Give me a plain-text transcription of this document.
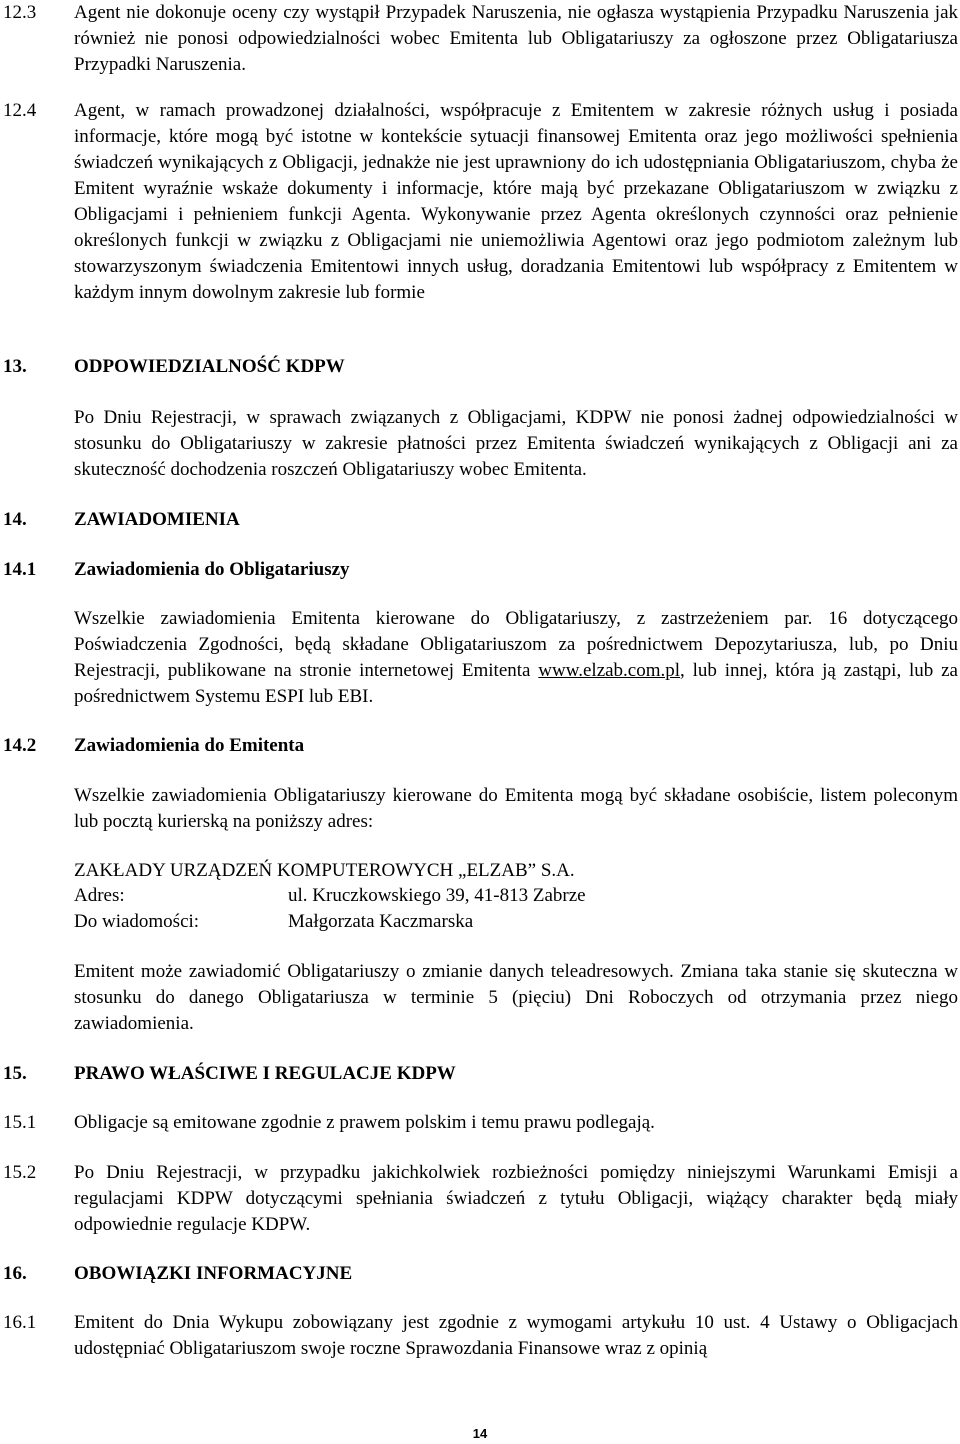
12.3 Agent nie dokonuje oceny czy wystąpił Przypadek Naruszenia, nie ogłasza wystąpienia Przypadku Naruszenia jak również nie ponosi odpowiedzialności wobec Emitenta lub Obligatariuszy za ogłoszone przez Obligatariusza Przypadki Naruszenia.
12.4 Agent, w ramach prowadzonej działalności, współpracuje z Emitentem w zakresie różnych usług i posiada informacje, które mogą być istotne w kontekście sytuacji finansowej Emitenta oraz jego możliwości spełnienia świadczeń wynikających z Obligacji, jednakże nie jest uprawniony do ich udostępniania Obligatariuszom, chyba że Emitent wyraźnie wskaże dokumenty i informacje, które mają być przekazane Obligatariuszom w związku z Obligacjami i pełnieniem funkcji Agenta. Wykonywanie przez Agenta określonych czynności oraz pełnienie określonych funkcji w związku z Obligacjami nie uniemożliwia Agentowi oraz jego podmiotom zależnym lub stowarzyszonym świadczenia Emitentowi innych usług, doradzania Emitentowi lub współpracy z Emitentem w każdym innym dowolnym zakresie lub formie
13. ODPOWIEDZIALNOŚĆ KDPW
Po Dniu Rejestracji, w sprawach związanych z Obligacjami, KDPW nie ponosi żadnej odpowiedzialności w stosunku do Obligatariuszy w zakresie płatności przez Emitenta świadczeń wynikających z Obligacji ani za skuteczność dochodzenia roszczeń Obligatariuszy wobec Emitenta.
14. ZAWIADOMIENIA
14.1 Zawiadomienia do Obligatariuszy
Wszelkie zawiadomienia Emitenta kierowane do Obligatariuszy, z zastrzeżeniem par. 16 dotyczącego Poświadczenia Zgodności, będą składane Obligatariuszom za pośrednictwem Depozytariusza, lub, po Dniu Rejestracji, publikowane na stronie internetowej Emitenta www.elzab.com.pl, lub innej, która ją zastąpi, lub za pośrednictwem Systemu ESPI lub EBI.
14.2 Zawiadomienia do Emitenta
Wszelkie zawiadomienia Obligatariuszy kierowane do Emitenta mogą być składane osobiście, listem poleconym lub pocztą kurierską na poniższy adres:
ZAKŁADY URZĄDZEŃ KOMPUTEROWYCH „ELZAB” S.A.
Adres:	ul. Kruczkowskiego 39, 41-813 Zabrze
Do wiadomości:	Małgorzata Kaczmarska
Emitent może zawiadomić Obligatariuszy o zmianie danych teleadresowych. Zmiana taka stanie się skuteczna w stosunku do danego Obligatariusza w terminie 5 (pięciu) Dni Roboczych od otrzymania przez niego zawiadomienia.
15. PRAWO WŁAŚCIWE I REGULACJE KDPW
15.1 Obligacje są emitowane zgodnie z prawem polskim i temu prawu podlegają.
15.2 Po Dniu Rejestracji, w przypadku jakichkolwiek rozbieżności pomiędzy niniejszymi Warunkami Emisji a regulacjami KDPW dotyczącymi spełniania świadczeń z tytułu Obligacji, wiążący charakter będą miały odpowiednie regulacje KDPW.
16. OBOWIĄZKI INFORMACYJNE
16.1 Emitent do Dnia Wykupu zobowiązany jest zgodnie z wymogami artykułu 10 ust. 4 Ustawy o Obligacjach udostępniać Obligatariuszom swoje roczne Sprawozdania Finansowe wraz z opinią
14
